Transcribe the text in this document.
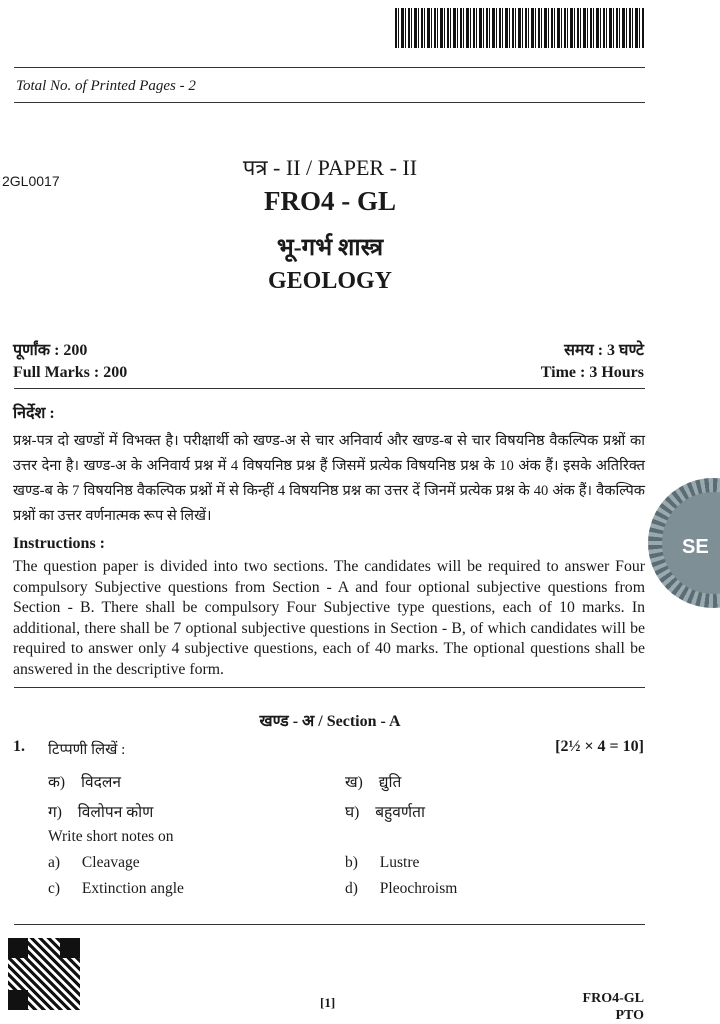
Total No. of Printed Pages - 2
2GL0017
पत्र - II / PAPER - II
FRO4 - GL
भू-गर्भ शास्त्र
GEOLOGY
पूर्णांक : 200
Full Marks : 200
समय : 3 घण्टे
Time : 3 Hours
निर्देश :
प्रश्न-पत्र दो खण्डों में विभक्त है। परीक्षार्थी को खण्ड-अ से चार अनिवार्य और खण्ड-ब से चार विषयनिष्ठ वैकल्पिक प्रश्नों का उत्तर देना है। खण्ड-अ के अनिवार्य प्रश्न में 4 विषयनिष्ठ प्रश्न हैं जिसमें प्रत्येक विषयनिष्ठ प्रश्न के 10 अंक हैं। इसके अतिरिक्त खण्ड-ब के 7 विषयनिष्ठ वैकल्पिक प्रश्नों में से किन्हीं 4 विषयनिष्ठ प्रश्न का उत्तर दें जिनमें प्रत्येक प्रश्न के 40 अंक हैं। वैकल्पिक प्रश्नों का उत्तर वर्णनात्मक रूप से लिखें।
Instructions :
The question paper is divided into two sections. The candidates will be required to answer Four compulsory Subjective questions from Section - A and four optional subjective questions from Section - B. There shall be compulsory Four Subjective type questions, each of 10 marks. In additional, there shall be 7 optional subjective questions in Section - B, of which candidates will be required to answer only 4 subjective questions, each of 40 marks. The optional questions shall be answered in the descriptive form.
SE
खण्ड - अ / Section - A
1. टिप्पणी लिखें :	[2½ × 4 = 10]
क) विदलन	ख) द्युति
ग) विलोपन कोण	घ) बहुवर्णता
Write short notes on
a) Cleavage	b) Lustre
c) Extinction angle	d) Pleochroism
[1]	FRO4-GL
PTO
